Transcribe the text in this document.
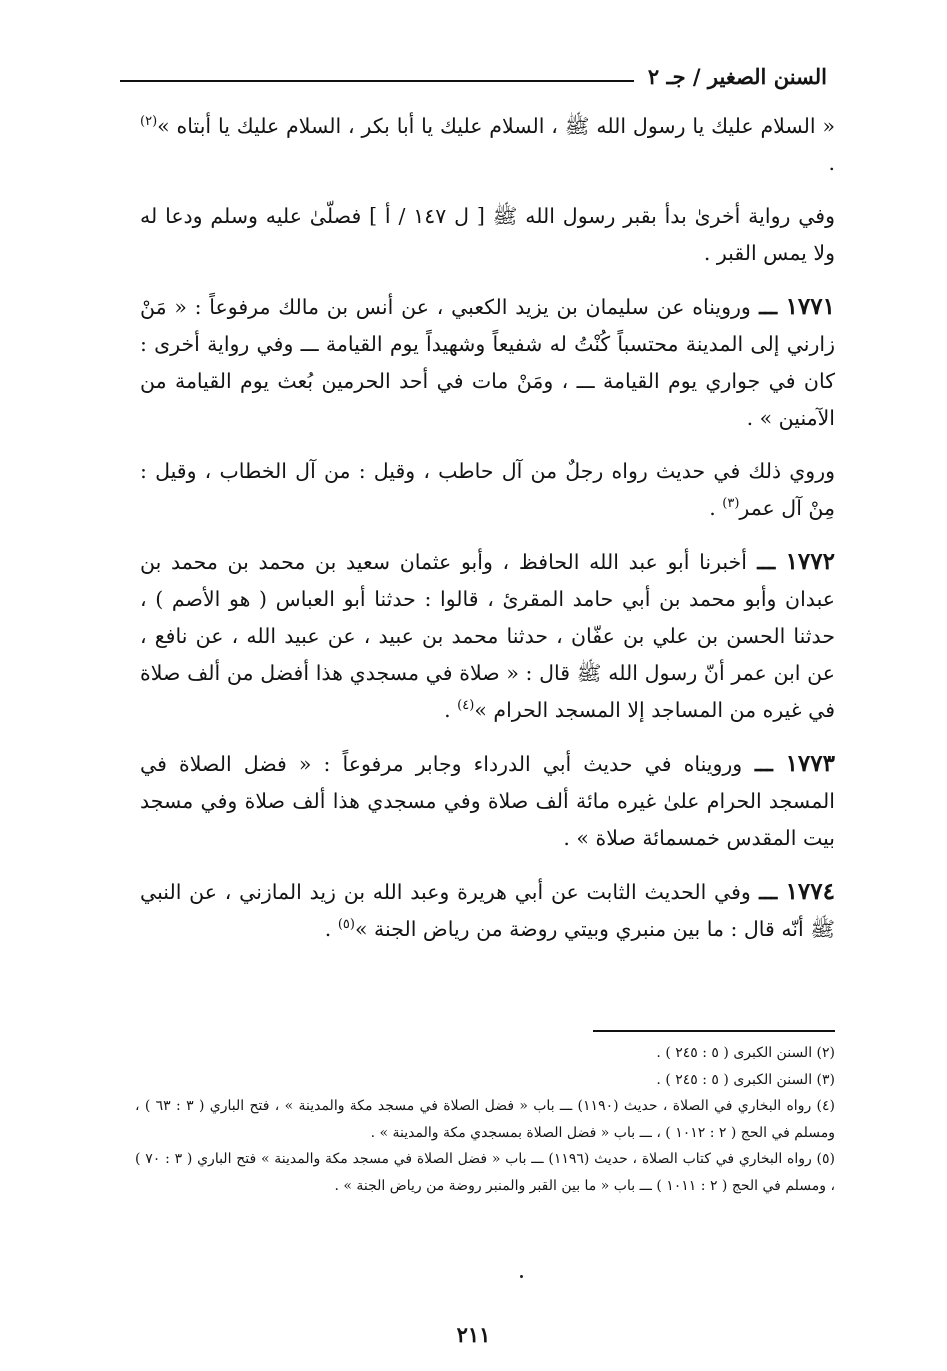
السنن الصغير / جـ ٢

« السلام عليك يا رسول الله ﷺ ، السلام عليك يا أبا بكر ، السلام عليك يا أبتاه »$^{(٢)}$ .

وفي رواية أخرىٰ بدأ بقبر رسول الله ﷺ [ ل ١٤٧ / أ ] فصلّىٰ عليه وسلم ودعا له ولا يمس القبر .

١٧٧١ ـــ ورويناه عن سليمان بن يزيد الكعبي ، عن أنس بن مالك مرفوعاً : « مَنْ زارني إلى المدينة محتسباً كُنْتُ له شفيعاً وشهيداً يوم القيامة ـــ وفي رواية أخرى : كان في جواري يوم القيامة ـــ ، ومَنْ مات في أحد الحرمين بُعث يوم القيامة من الآمنين » .

وروي ذلك في حديث رواه رجلٌ من آل حاطب ، وقيل : من آل الخطاب ، وقيل : مِنْ آل عمر$^{(٣)}$ .

١٧٧٢ ـــ أخبرنا أبو عبد الله الحافظ ، وأبو عثمان سعيد بن محمد بن محمد بن عبدان وأبو محمد بن أبي حامد المقرئ ، قالوا : حدثنا أبو العباس ( هو الأصم ) ، حدثنا الحسن بن علي بن عفّان ، حدثنا محمد بن عبيد ، عن عبيد الله ، عن نافع ، عن ابن عمر أنّ رسول الله ﷺ قال : « صلاة في مسجدي هذا أفضل من ألف صلاة في غيره من المساجد إلا المسجد الحرام »$^{(٤)}$ .

١٧٧٣ ـــ ورويناه في حديث أبي الدرداء وجابر مرفوعاً : « فضل الصلاة في المسجد الحرام علىٰ غيره مائة ألف صلاة وفي مسجدي هذا ألف صلاة وفي مسجد بيت المقدس خمسمائة صلاة » .

١٧٧٤ ـــ وفي الحديث الثابت عن أبي هريرة وعبد الله بن زيد المازني ، عن النبي ﷺ أنّه قال : ما بين منبري وبيتي روضة من رياض الجنة »$^{(٥)}$ .

(٢) السنن الكبرى ( ٥ : ٢٤٥ ) .

(٣) السنن الكبرى ( ٥ : ٢٤٥ ) .

(٤) رواه البخاري في الصلاة ، حديث (١١٩٠) ـــ باب « فضل الصلاة في مسجد مكة والمدينة » ، فتح الباري ( ٣ : ٦٣ ) ، ومسلم في الحج ( ٢ : ١٠١٢ ) ، ـــ باب « فضل الصلاة بمسجدي مكة والمدينة » .

(٥) رواه البخاري في كتاب الصلاة ، حديث (١١٩٦) ـــ باب « فضل الصلاة في مسجد مكة والمدينة » فتح الباري ( ٣ : ٧٠ ) ، ومسلم في الحج ( ٢ : ١٠١١ ) ـــ باب « ما بين القبر والمنبر روضة من رياض الجنة » .

٢١١
